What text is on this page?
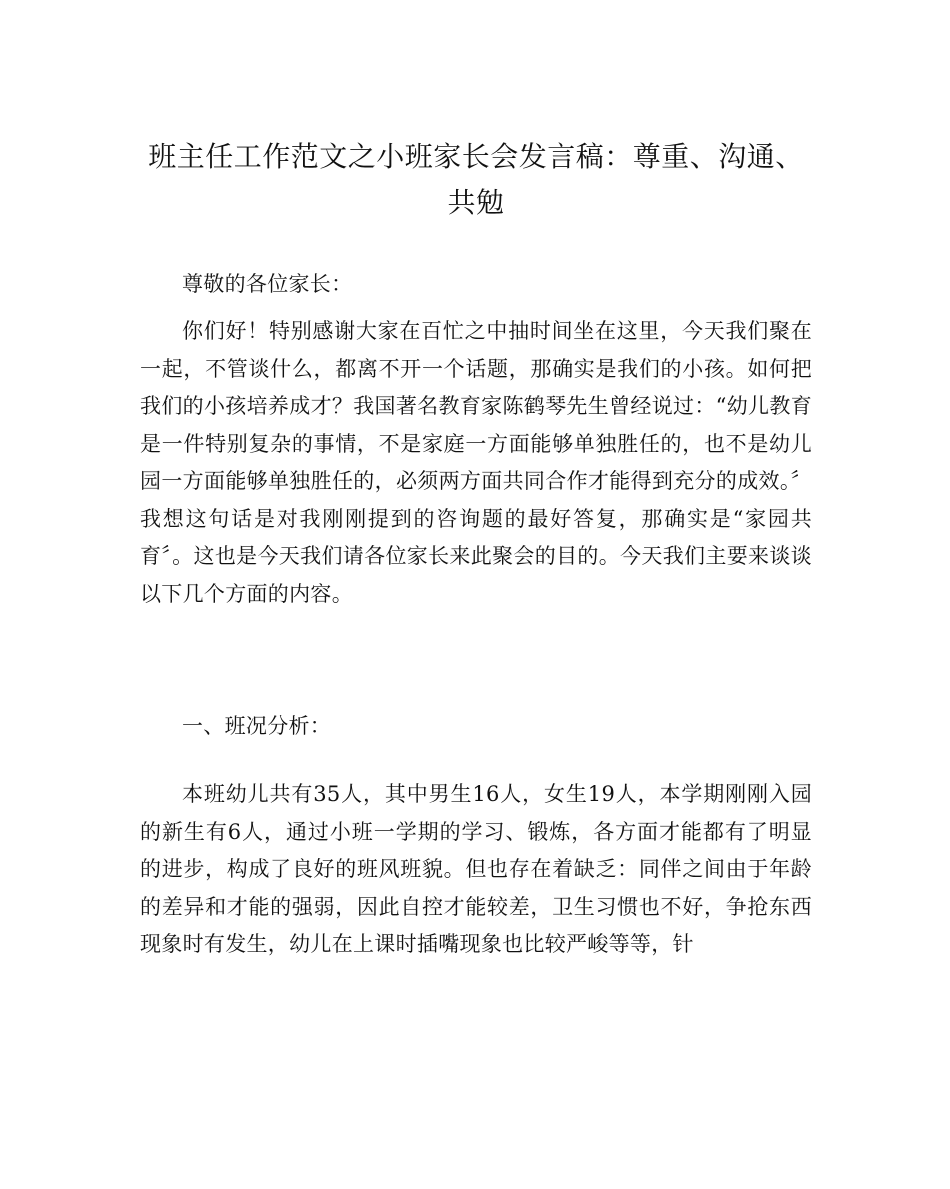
班主任工作范文之小班家长会发言稿：尊重、沟通、共勉

尊敬的各位家长：

你们好！特别感谢大家在百忙之中抽时间坐在这里，今天我们聚在一起，不管谈什么，都离不开一个话题，那确实是我们的小孩。如何把我们的小孩培养成才？我国著名教育家陈鹤琴先生曾经说过：“幼儿教育是一件特别复杂的事情，不是家庭一方面能够单独胜任的，也不是幼儿园一方面能够单独胜任的，必须两方面共同合作才能得到充分的成效。〞我想这句话是对我刚刚提到的咨询题的最好答复，那确实是“家园共育〞。这也是今天我们请各位家长来此聚会的目的。今天我们主要来谈谈以下几个方面的内容。

一、班况分析：

本班幼儿共有35人，其中男生16人，女生19人，本学期刚刚入园的新生有6人，通过小班一学期的学习、锻炼，各方面才能都有了明显的进步，构成了良好的班风班貌。但也存在着缺乏：同伴之间由于年龄的差异和才能的强弱，因此自控才能较差，卫生习惯也不好，争抢东西现象时有发生，幼儿在上课时插嘴现象也比较严峻等等，针
